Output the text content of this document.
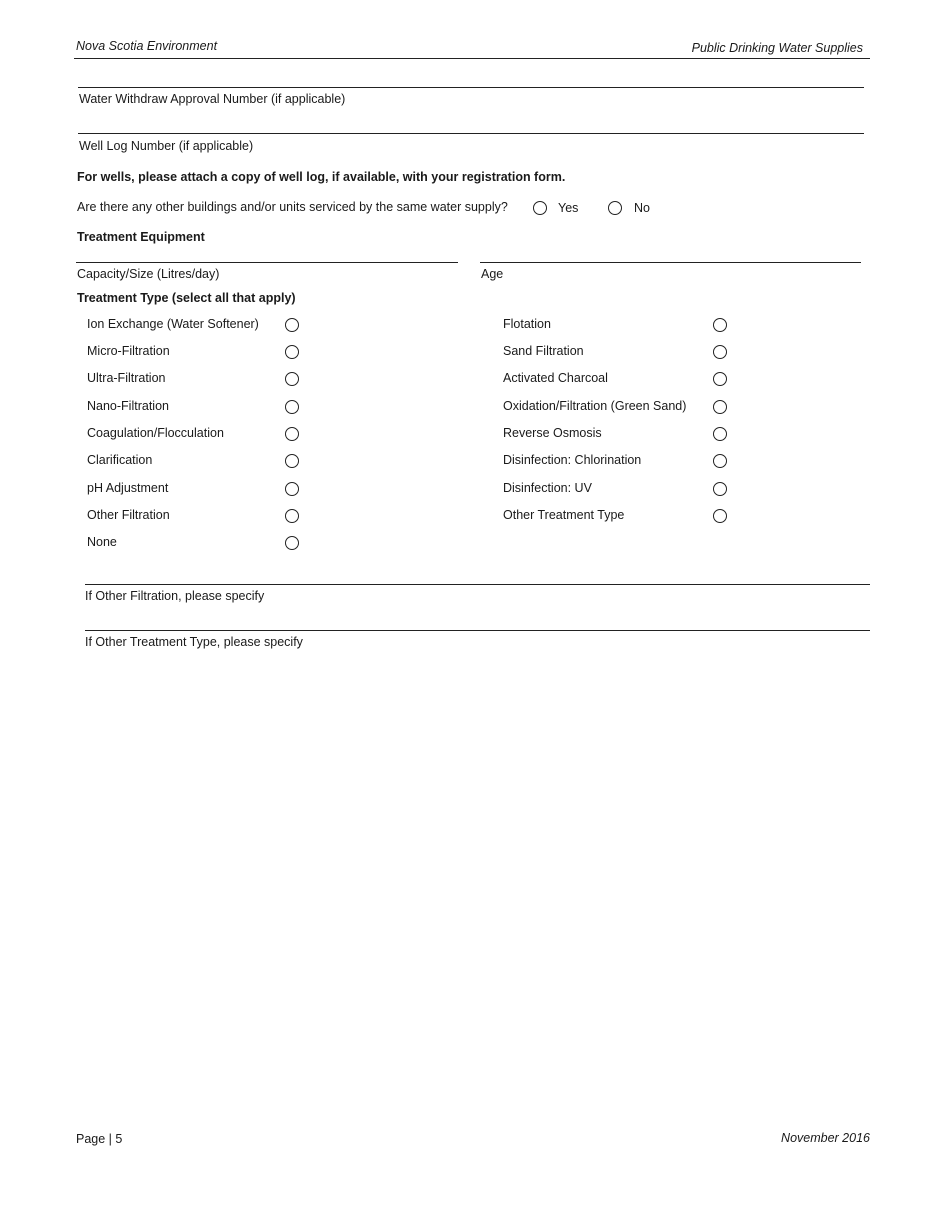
Nova Scotia Environment	Public Drinking Water Supplies
Water Withdraw Approval Number (if applicable)
Well Log Number (if applicable)
For wells, please attach a copy of well log, if available, with your registration form.
Are there any other buildings and/or units serviced by the same water supply?	Yes	No
Treatment Equipment
Capacity/Size (Litres/day)	Age
Treatment Type (select all that apply)
Ion Exchange (Water Softener)
Micro-Filtration
Ultra-Filtration
Nano-Filtration
Coagulation/Flocculation
Clarification
pH Adjustment
Other Filtration
None
Flotation
Sand Filtration
Activated Charcoal
Oxidation/Filtration (Green Sand)
Reverse Osmosis
Disinfection: Chlorination
Disinfection: UV
Other Treatment Type
If Other Filtration, please specify
If Other Treatment Type, please specify
Page | 5	November 2016
